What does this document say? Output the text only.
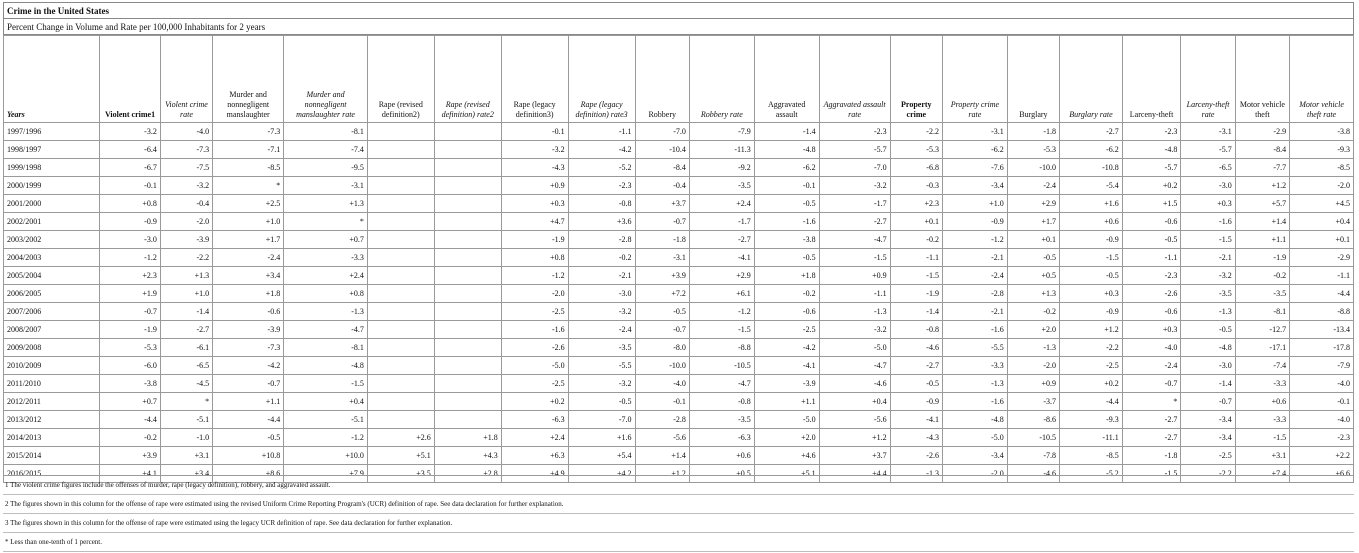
Crime in the United States
Percent Change in Volume and Rate per 100,000 Inhabitants for 2 years
Years	Violent crime1	Violent crime rate	Murder and nonnegligent manslaughter	Murder and nonnegligent manslaughter rate	Rape (revised definition2)	Rape (revised definition) rate2	Rape (legacy definition3)	Rape (legacy definition) rate3	Robbery	Robbery rate	Aggravated assault	Aggravated assault rate	Property crime	Property crime rate	Burglary	Burglary rate	Larceny-theft	Larceny-theft rate	Motor vehicle theft	Motor vehicle theft rate
1997/1996	-3.2	-4.0	-7.3	-8.1			-0.1	-1.1	-7.0	-7.9	-1.4	-2.3	-2.2	-3.1	-1.8	-2.7	-2.3	-3.1	-2.9	-3.8
1998/1997	-6.4	-7.3	-7.1	-7.4			-3.2	-4.2	-10.4	-11.3	-4.8	-5.7	-5.3	-6.2	-5.3	-6.2	-4.8	-5.7	-8.4	-9.3
1999/1998	-6.7	-7.5	-8.5	-9.5			-4.3	-5.2	-8.4	-9.2	-6.2	-7.0	-6.8	-7.6	-10.0	-10.8	-5.7	-6.5	-7.7	-8.5
2000/1999	-0.1	-3.2	*	-3.1			+0.9	-2.3	-0.4	-3.5	-0.1	-3.2	-0.3	-3.4	-2.4	-5.4	+0.2	-3.0	+1.2	-2.0
2001/2000	+0.8	-0.4	+2.5	+1.3			+0.3	-0.8	+3.7	+2.4	-0.5	-1.7	+2.3	+1.0	+2.9	+1.6	+1.5	+0.3	+5.7	+4.5
2002/2001	-0.9	-2.0	+1.0	*			+4.7	+3.6	-0.7	-1.7	-1.6	-2.7	+0.1	-0.9	+1.7	+0.6	-0.6	-1.6	+1.4	+0.4
2003/2002	-3.0	-3.9	+1.7	+0.7			-1.9	-2.8	-1.8	-2.7	-3.8	-4.7	-0.2	-1.2	+0.1	-0.9	-0.5	-1.5	+1.1	+0.1
2004/2003	-1.2	-2.2	-2.4	-3.3			+0.8	-0.2	-3.1	-4.1	-0.5	-1.5	-1.1	-2.1	-0.5	-1.5	-1.1	-2.1	-1.9	-2.9
2005/2004	+2.3	+1.3	+3.4	+2.4			-1.2	-2.1	+3.9	+2.9	+1.8	+0.9	-1.5	-2.4	+0.5	-0.5	-2.3	-3.2	-0.2	-1.1
2006/2005	+1.9	+1.0	+1.8	+0.8			-2.0	-3.0	+7.2	+6.1	-0.2	-1.1	-1.9	-2.8	+1.3	+0.3	-2.6	-3.5	-3.5	-4.4
2007/2006	-0.7	-1.4	-0.6	-1.3			-2.5	-3.2	-0.5	-1.2	-0.6	-1.3	-1.4	-2.1	-0.2	-0.9	-0.6	-1.3	-8.1	-8.8
2008/2007	-1.9	-2.7	-3.9	-4.7			-1.6	-2.4	-0.7	-1.5	-2.5	-3.2	-0.8	-1.6	+2.0	+1.2	+0.3	-0.5	-12.7	-13.4
2009/2008	-5.3	-6.1	-7.3	-8.1			-2.6	-3.5	-8.0	-8.8	-4.2	-5.0	-4.6	-5.5	-1.3	-2.2	-4.0	-4.8	-17.1	-17.8
2010/2009	-6.0	-6.5	-4.2	-4.8			-5.0	-5.5	-10.0	-10.5	-4.1	-4.7	-2.7	-3.3	-2.0	-2.5	-2.4	-3.0	-7.4	-7.9
2011/2010	-3.8	-4.5	-0.7	-1.5			-2.5	-3.2	-4.0	-4.7	-3.9	-4.6	-0.5	-1.3	+0.9	+0.2	-0.7	-1.4	-3.3	-4.0
2012/2011	+0.7	*	+1.1	+0.4			+0.2	-0.5	-0.1	-0.8	+1.1	+0.4	-0.9	-1.6	-3.7	-4.4	*	-0.7	+0.6	-0.1
2013/2012	-4.4	-5.1	-4.4	-5.1			-6.3	-7.0	-2.8	-3.5	-5.0	-5.6	-4.1	-4.8	-8.6	-9.3	-2.7	-3.4	-3.3	-4.0
2014/2013	-0.2	-1.0	-0.5	-1.2	+2.6	+1.8	+2.4	+1.6	-5.6	-6.3	+2.0	+1.2	-4.3	-5.0	-10.5	-11.1	-2.7	-3.4	-1.5	-2.3
2015/2014	+3.9	+3.1	+10.8	+10.0	+5.1	+4.3	+6.3	+5.4	+1.4	+0.6	+4.6	+3.7	-2.6	-3.4	-7.8	-8.5	-1.8	-2.5	+3.1	+2.2
2016/2015	+4.1	+3.4	+8.6	+7.9	+3.5	+2.8	+4.9	+4.2	+1.2	+0.5	+5.1	+4.4	-1.3	-2.0	-4.6	-5.2	-1.5	-2.2	+7.4	+6.6
1 The violent crime figures include the offenses of murder, rape (legacy definition), robbery, and aggravated assault.
2 The figures shown in this column for the offense of rape were estimated using the revised Uniform Crime Reporting Program's (UCR) definition of rape. See data declaration for further explanation.
3 The figures shown in this column for the offense of rape were estimated using the legacy UCR definition of rape. See data declaration for further explanation.
* Less than one-tenth of 1 percent.
